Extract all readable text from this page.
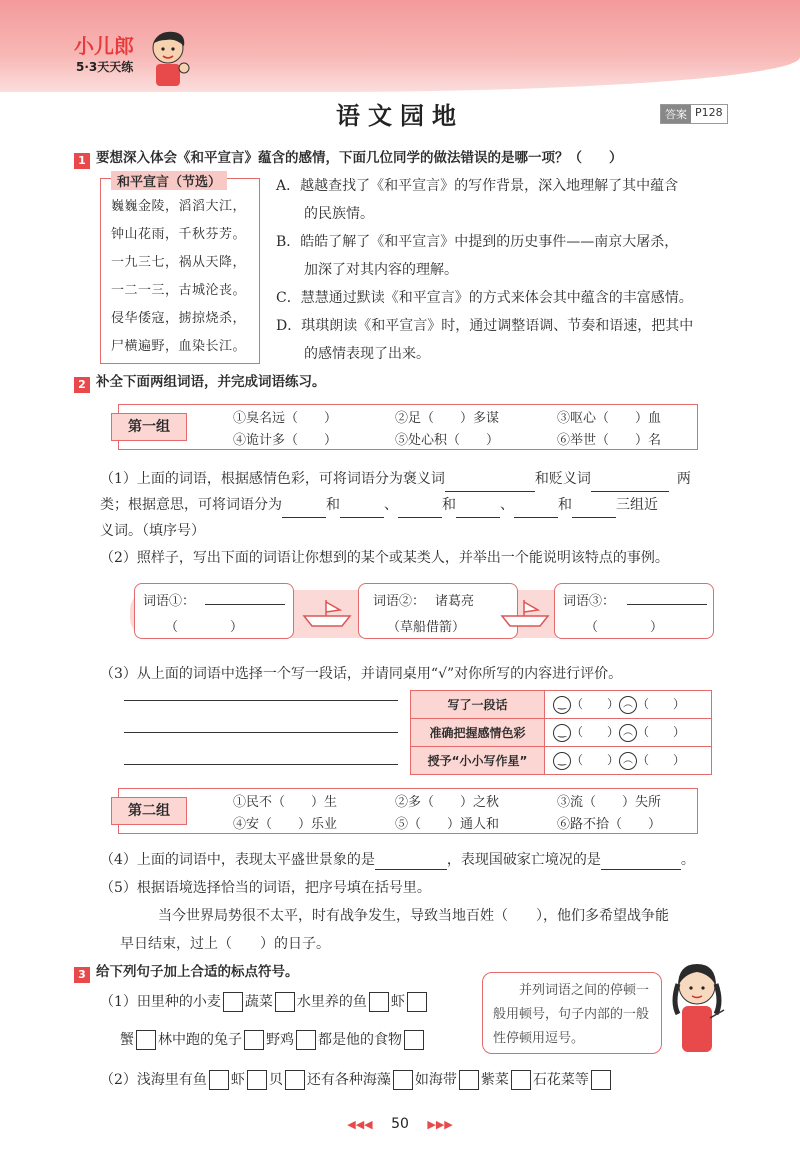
小儿郎
5·3天天练
语文园地	答案 P128
1 要想深入体会《和平宣言》蕴含的感情，下面几位同学的做法错误的是哪一项？（　　）
和平宣言（节选）
巍巍金陵，滔滔大江，
钟山花雨，千秋芬芳。
一九三七，祸从天降，
一二一三，古城沦丧。
侵华倭寇，掳掠烧杀，
尸横遍野，血染长江。
A．越越查找了《和平宣言》的写作背景，深入地理解了其中蕴含
　　的民族情。
B．皓皓了解了《和平宣言》中提到的历史事件——南京大屠杀，
　　加深了对其内容的理解。
C．慧慧通过默读《和平宣言》的方式来体会其中蕴含的丰富感情。
D．琪琪朗读《和平宣言》时，通过调整语调、节奏和语速，把其中
　　的感情表现了出来。
2 补全下面两组词语，并完成词语练习。
第一组
①臭名远（　　）	②足（　　）多谋	③呕心（　　）血
④诡计多（　　）	⑤处心积（　　）	⑥举世（　　）名
（1）上面的词语，根据感情色彩，可将词语分为褒义词	和贬义词	两
类；根据意思，可将词语分为	和	、	和	、	和	三组近
义词。（填序号）
（2）照样子，写出下面的词语让你想到的某个或某类人，并举出一个能说明该特点的事例。
词语①：
（　　　　）
词语②： 诸葛亮
（草船借箭）
词语③：
（　　　　）
（3）从上面的词语中选择一个写一段话，并请同桌用“√”对你所写的内容进行评价。
写了一段话	‿ （　　） ︵ （　　）
准确把握感情色彩	‿ （　　） ︵ （　　）
授予“小小写作星”	‿ （　　） ︵ （　　）
第二组
①民不（　　）生	②多（　　）之秋	③流（　　）失所
④安（　　）乐业	⑤（　　）通人和	⑥路不拾（　　）
（4）上面的词语中，表现太平盛世景象的是	，表现国破家亡境况的是	。
（5）根据语境选择恰当的词语，把序号填在括号里。
当今世界局势很不太平，时有战争发生，导致当地百姓（　　），他们多希望战争能
早日结束，过上（　　）的日子。
3 给下列句子加上合适的标点符号。
并列词语之间的停顿一般用顿号，句子内部的一般性停顿用逗号。
（1）田里种的小麦 蔬菜 水里养的鱼 虾
蟹 林中跑的兔子 野鸡 都是他的食物
（2）浅海里有鱼 虾 贝 还有各种海藻 如海带 紫菜 石花菜等
◀◀◀ 50 ▶▶▶
